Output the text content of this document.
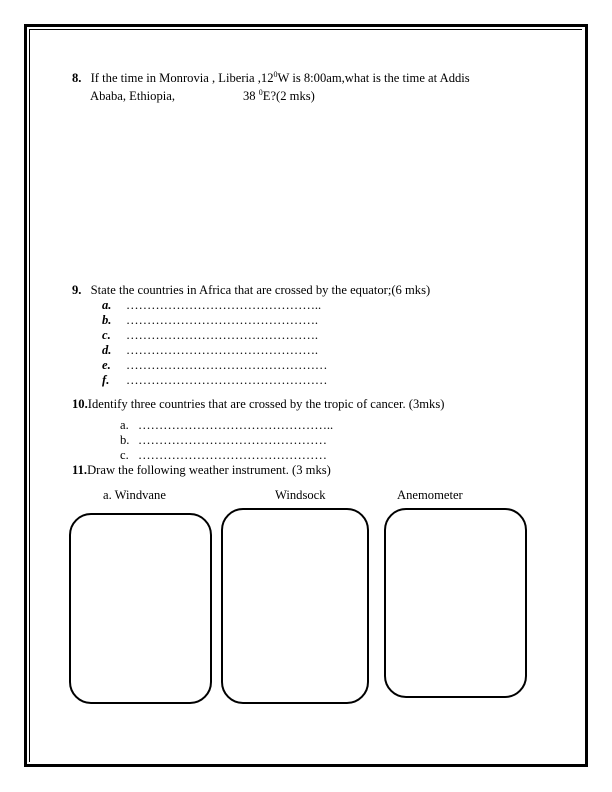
8. If the time in Monrovia , Liberia $,12^0W$ is 8:00am,what is the time at Addis
Ababa, Ethiopia,	38 $^0$E?(2 mks)
9. State the countries in Africa that are crossed by the equator;(6 mks)
a. ………………………………………..
b. ……………………………………….
c. ……………………………………….
d. ……………………………………….
e. …………………………………………
f. …………………………………………
10.Identify three countries that are crossed by the tropic of cancer. (3mks)
a. ………………………………………..
b. ………………………………………
c. ………………………………………
11.Draw the following weather instrument. (3 mks)
a. Windvane	Windsock	Anemometer
